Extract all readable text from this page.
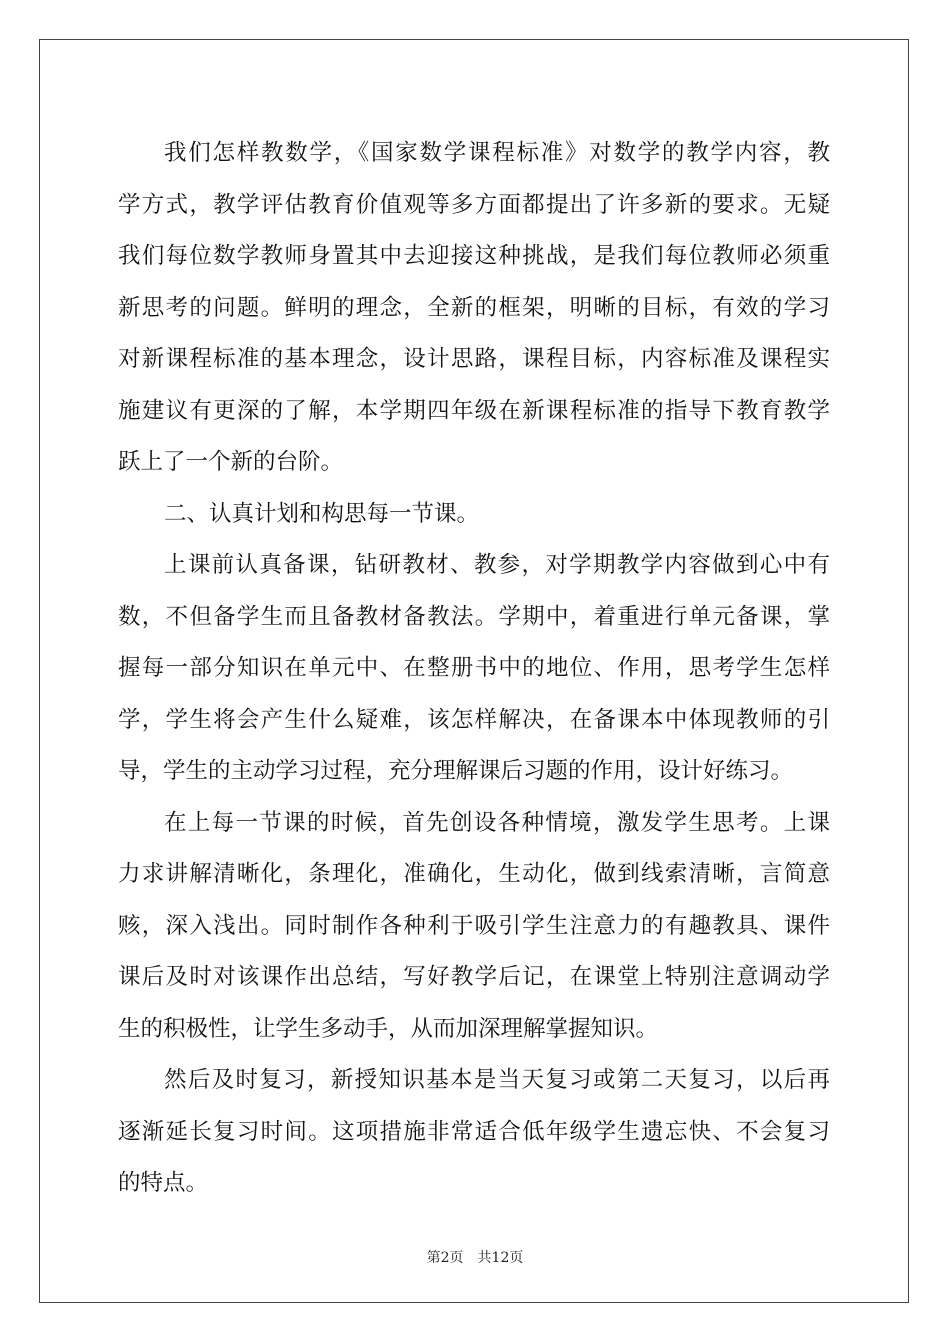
我们怎样教数学，《国家数学课程标准》对数学的教学内容，教
学方式，教学评估教育价值观等多方面都提出了许多新的要求。无疑
我们每位数学教师身置其中去迎接这种挑战，是我们每位教师必须重
新思考的问题。鲜明的理念，全新的框架，明晰的目标，有效的学习
对新课程标准的基本理念，设计思路，课程目标，内容标准及课程实
施建议有更深的了解，本学期四年级在新课程标准的指导下教育教学
跃上了一个新的台阶。
二、认真计划和构思每一节课。
上课前认真备课，钻研教材、教参，对学期教学内容做到心中有
数，不但备学生而且备教材备教法。学期中，着重进行单元备课，掌
握每一部分知识在单元中、在整册书中的地位、作用，思考学生怎样
学，学生将会产生什么疑难，该怎样解决，在备课本中体现教师的引
导，学生的主动学习过程，充分理解课后习题的作用，设计好练习。
在上每一节课的时候，首先创设各种情境，激发学生思考。上课
力求讲解清晰化，条理化，准确化，生动化，做到线索清晰，言简意
赅，深入浅出。同时制作各种利于吸引学生注意力的有趣教具、课件
课后及时对该课作出总结，写好教学后记，在课堂上特别注意调动学
生的积极性，让学生多动手，从而加深理解掌握知识。
然后及时复习，新授知识基本是当天复习或第二天复习，以后再
逐渐延长复习时间。这项措施非常适合低年级学生遗忘快、不会复习
的特点。
第2页 共12页
